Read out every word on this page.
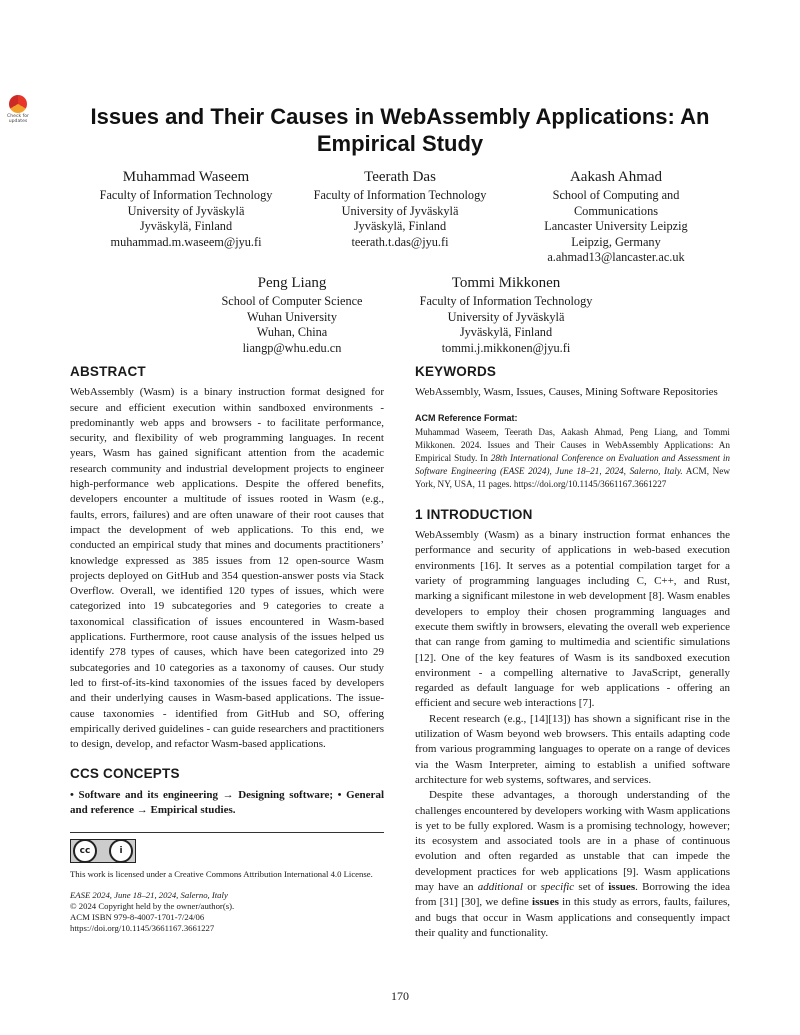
Check for
updates	Issues and Their Causes in WebAssembly Applications: An
Empirical Study
Muhammad Waseem
Faculty of Information Technology
University of Jyväskylä
Jyväskylä, Finland
muhammad.m.waseem@jyu.fi
Teerath Das
Faculty of Information Technology
University of Jyväskylä
Jyväskylä, Finland
teerath.t.das@jyu.fi
Aakash Ahmad
School of Computing and
Communications
Lancaster University Leipzig
Leipzig, Germany
a.ahmad13@lancaster.ac.uk
Peng Liang
School of Computer Science
Wuhan University
Wuhan, China
liangp@whu.edu.cn
Tommi Mikkonen
Faculty of Information Technology
University of Jyväskylä
Jyväskylä, Finland
tommi.j.mikkonen@jyu.fi
ABSTRACT

WebAssembly (Wasm) is a binary instruction format designed for secure and efficient execution within sandboxed environments - predominantly web apps and browsers - to facilitate performance, security, and flexibility of web programming languages. In recent years, Wasm has gained significant attention from the academic research community and industrial development projects to engineer high-performance web applications. Despite the offered benefits, developers encounter a multitude of issues rooted in Wasm (e.g., faults, errors, failures) and are often unaware of their root causes that impact the development of web applications. To this end, we conducted an empirical study that mines and documents practitioners’ knowledge expressed as 385 issues from 12 open-source Wasm projects deployed on GitHub and 354 question-answer posts via Stack Overflow. Overall, we identified 120 types of issues, which were categorized into 19 subcategories and 9 categories to create a taxonomical classification of issues encountered in Wasm-based applications. Furthermore, root cause analysis of the issues helped us identify 278 types of causes, which have been categorized into 29 subcategories and 10 categories as a taxonomy of causes. Our study led to first-of-its-kind taxonomies of the issues faced by developers and their underlying causes in Wasm-based applications. The issue-cause taxonomies - identified from GitHub and SO, offering empirically derived guidelines - can guide researchers and practitioners to design, develop, and refactor Wasm-based applications.

CCS CONCEPTS

• Software and its engineering → Designing software; • General and reference → Empirical studies.

cc	i

This work is licensed under a Creative Commons Attribution International 4.0 License.

EASE 2024, June 18–21, 2024, Salerno, Italy

© 2024 Copyright held by the owner/author(s).

ACM ISBN 979-8-4007-1701-7/24/06

https://doi.org/10.1145/3661167.3661227

KEYWORDS

WebAssembly, Wasm, Issues, Causes, Mining Software Repositories

ACM Reference Format:

Muhammad Waseem, Teerath Das, Aakash Ahmad, Peng Liang, and Tommi Mikkonen. 2024. Issues and Their Causes in WebAssembly Applications: An Empirical Study. In 28th International Conference on Evaluation and Assessment in Software Engineering (EASE 2024), June 18–21, 2024, Salerno, Italy. ACM, New York, NY, USA, 11 pages. https://doi.org/10.1145/3661167.3661227

1 INTRODUCTION

WebAssembly (Wasm) as a binary instruction format enhances the performance and security of applications in web-based execution environments [16]. It serves as a potential compilation target for a variety of programming languages including C, C++, and Rust, marking a significant milestone in web development [8]. Wasm enables developers to employ their chosen programming languages and execute them swiftly in browsers, elevating the overall web experience that can range from gaming to multimedia and scientific simulations [12]. One of the key features of Wasm is its sandboxed execution environment - a compelling alternative to JavaScript, generally regarded as default language for web applications - offering an efficient and secure web interactions [7].

Recent research (e.g., [14][13]) has shown a significant rise in the utilization of Wasm beyond web browsers. This entails adapting code from various programming languages to operate on a range of devices via the Wasm Interpreter, aiming to establish a unified software architecture for web systems, softwares, and services.

Despite these advantages, a thorough understanding of the challenges encountered by developers working with Wasm applications is yet to be fully explored. Wasm is a promising technology, however; its ecosystem and associated tools are in a phase of continuous evolution and often regarded as unstable that can impede the development practices for web applications [9]. Wasm applications may have an additional or specific set of issues. Borrowing the idea from [31] [30], we define issues in this study as errors, faults, failures, and bugs that occur in Wasm applications and consequently impact their quality and functionality.

170
